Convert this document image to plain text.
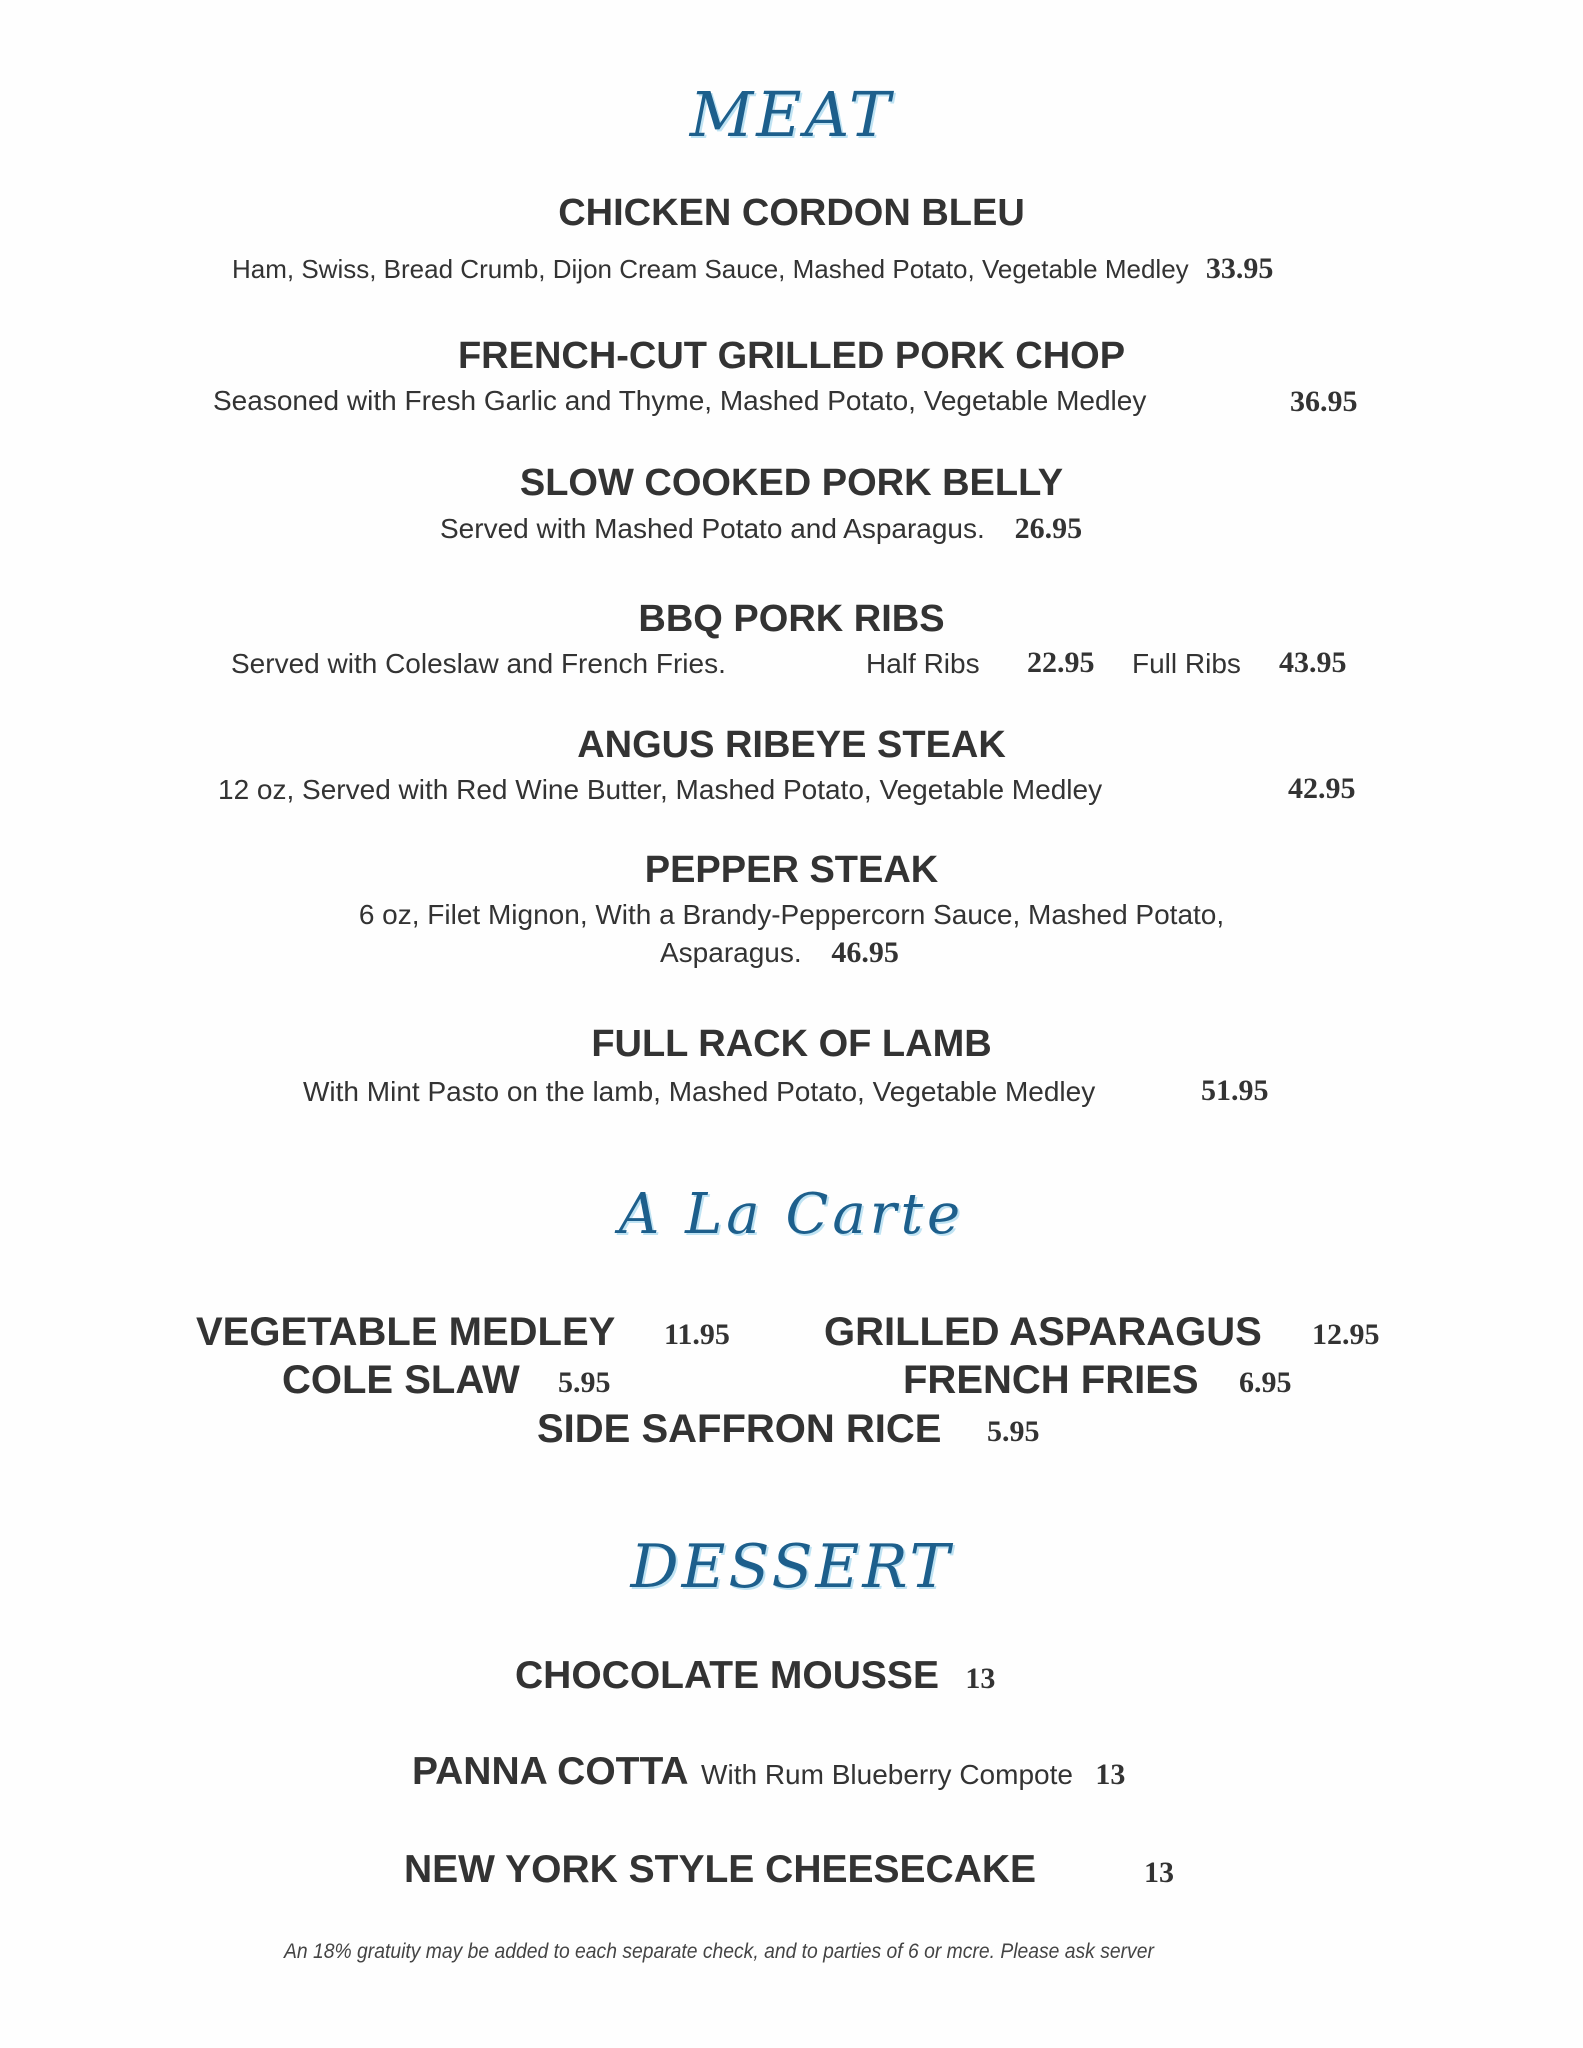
MEAT
CHICKEN CORDON BLEU
Ham, Swiss, Bread Crumb, Dijon Cream Sauce, Mashed Potato, Vegetable Medley 33.95
FRENCH-CUT GRILLED PORK CHOP
Seasoned with Fresh Garlic and Thyme, Mashed Potato, Vegetable Medley	36.95
SLOW COOKED PORK BELLY
Served with Mashed Potato and Asparagus. 26.95
BBQ PORK RIBS
Served with Coleslaw and French Fries.	Half Ribs 22.95 Full Ribs 43.95
ANGUS RIBEYE STEAK
12 oz, Served with Red Wine Butter, Mashed Potato, Vegetable Medley	42.95
PEPPER STEAK
6 oz, Filet Mignon, With a Brandy-Peppercorn Sauce, Mashed Potato,
Asparagus. 46.95
FULL RACK OF LAMB
With Mint Pasto on the lamb, Mashed Potato, Vegetable Medley	51.95
A La Carte
VEGETABLE MEDLEY 11.95 GRILLED ASPARAGUS 12.95
COLE SLAW 5.95	FRENCH FRIES 6.95
SIDE SAFFRON RICE 5.95
DESSERT
CHOCOLATE MOUSSE 13
PANNA COTTA With Rum Blueberry Compote 13
NEW YORK STYLE CHEESECAKE	13
An 18% gratuity may be added to each separate check, and to parties of 6 or mcre. Please ask server
